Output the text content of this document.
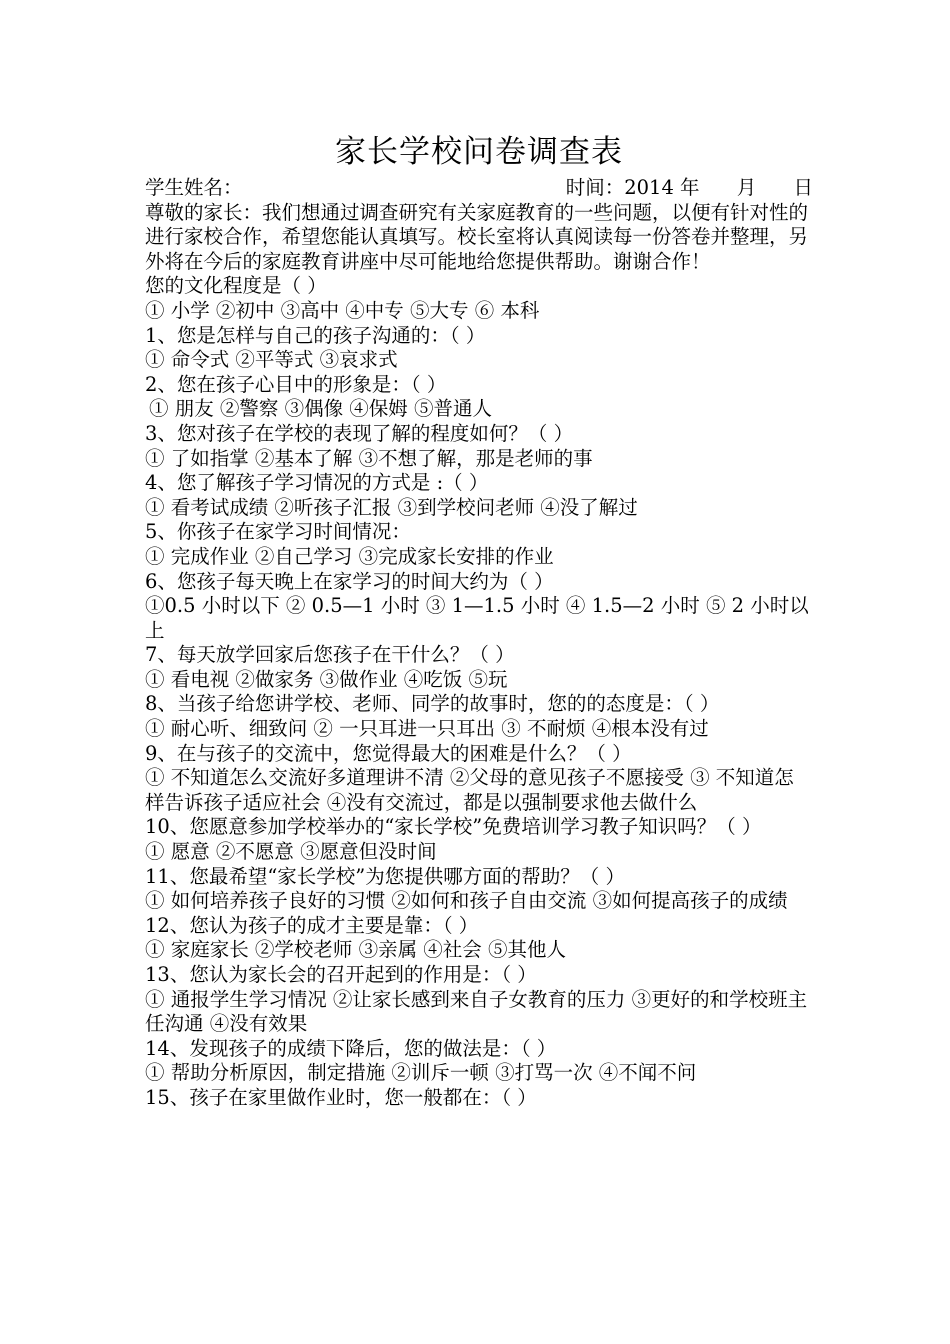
家长学校问卷调查表
学生姓名：	时间：2014 年 月 日

尊敬的家长：我们想通过调查研究有关家庭教育的一些问题，以便有针对性的进行家校合作，希望您能认真填写。校长室将认真阅读每一份答卷并整理，另外将在今后的家庭教育讲座中尽可能地给您提供帮助。谢谢合作！

您的文化程度是（ ）

① 小学 ②初中 ③高中 ④中专 ⑤大专 ⑥ 本科

1、您是怎样与自己的孩子沟通的：（ ）

① 命令式 ②平等式 ③哀求式

2、您在孩子心目中的形象是：（ ）

① 朋友 ②警察 ③偶像 ④保姆 ⑤普通人

3、您对孩子在学校的表现了解的程度如何？（ ）

① 了如指掌 ②基本了解 ③不想了解，那是老师的事

4、您了解孩子学习情况的方式是 :（ ）

① 看考试成绩 ②听孩子汇报 ③到学校问老师 ④没了解过

5、你孩子在家学习时间情况：

① 完成作业 ②自己学习 ③完成家长安排的作业

6、您孩子每天晚上在家学习的时间大约为（ ）

①0.5 小时以下 ② 0.5—1 小时 ③ 1—1.5 小时 ④ 1.5—2 小时 ⑤ 2 小时以上

7、每天放学回家后您孩子在干什么？（ ）

① 看电视 ②做家务 ③做作业 ④吃饭 ⑤玩

8、当孩子给您讲学校、老师、同学的故事时，您的的态度是：（ ）

① 耐心听、细致问 ② 一只耳进一只耳出 ③ 不耐烦 ④根本没有过

9、在与孩子的交流中，您觉得最大的困难是什么？（ ）

① 不知道怎么交流好多道理讲不清 ②父母的意见孩子不愿接受 ③ 不知道怎样告诉孩子适应社会 ④没有交流过，都是以强制要求他去做什么

10、您愿意参加学校举办的“家长学校”免费培训学习教子知识吗？（ ）

① 愿意 ②不愿意 ③愿意但没时间

11、您最希望“家长学校”为您提供哪方面的帮助？（ ）

① 如何培养孩子良好的习惯 ②如何和孩子自由交流 ③如何提高孩子的成绩

12、您认为孩子的成才主要是靠：（ ）

① 家庭家长 ②学校老师 ③亲属 ④社会 ⑤其他人

13、您认为家长会的召开起到的作用是：（ ）

① 通报学生学习情况 ②让家长感到来自子女教育的压力 ③更好的和学校班主任沟通 ④没有效果

14、发现孩子的成绩下降后，您的做法是：（ ）

① 帮助分析原因，制定措施 ②训斥一顿 ③打骂一次 ④不闻不问

15、孩子在家里做作业时，您一般都在：（ ）
